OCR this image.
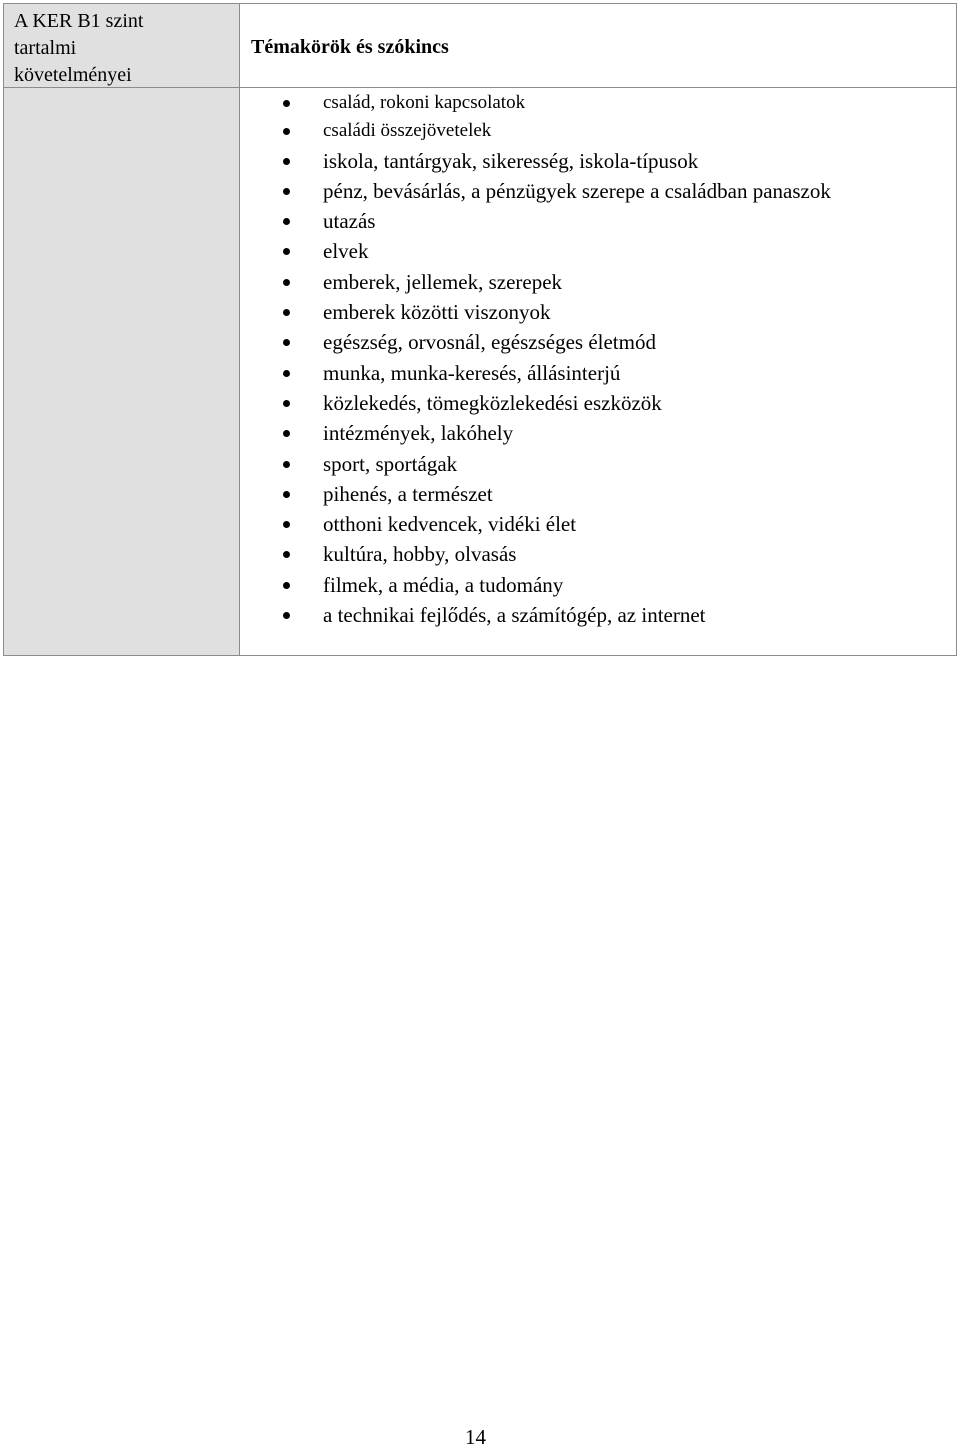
A KER B1 szint
tartalmi
követelményei
Témakörök és szókincs
család, rokoni kapcsolatok
családi összejövetelek
iskola, tantárgyak, sikeresség, iskola-típusok
pénz, bevásárlás, a pénzügyek szerepe a családban panaszok
utazás
elvek
emberek, jellemek, szerepek
emberek közötti viszonyok
egészség, orvosnál, egészséges életmód
munka, munka-keresés, állásinterjú
közlekedés, tömegközlekedési eszközök
intézmények, lakóhely
sport, sportágak
pihenés, a természet
otthoni kedvencek, vidéki élet
kultúra, hobby, olvasás
filmek, a média, a tudomány
a technikai fejlődés, a számítógép, az internet
14
